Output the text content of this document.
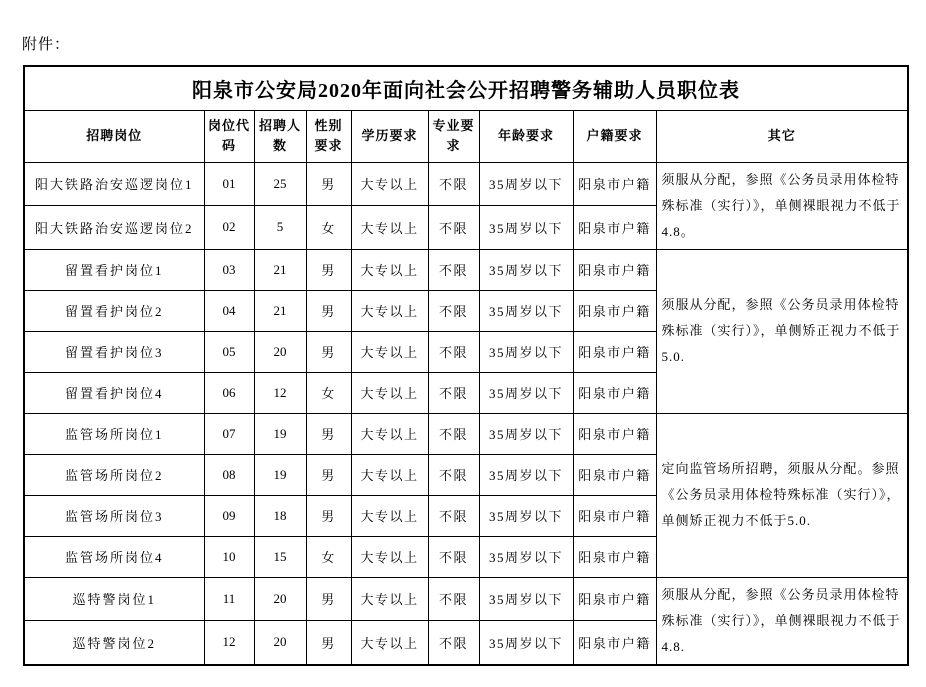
附件：
阳泉市公安局2020年面向社会公开招聘警务辅助人员职位表								
招聘岗位	岗位代码	招聘人数	性别要求	学历要求	专业要求	年龄要求	户籍要求	其它
阳大铁路治安巡逻岗位1	01	25	男	大专以上	不限	35周岁以下	阳泉市户籍	须服从分配，参照《公务员录用体检特殊标准（实行）》，单侧裸眼视力不低于4.8。
阳大铁路治安巡逻岗位2	02	5	女	大专以上	不限	35周岁以下	阳泉市户籍	
留置看护岗位1	03	21	男	大专以上	不限	35周岁以下	阳泉市户籍	须服从分配，参照《公务员录用体检特殊标准（实行）》，单侧矫正视力不低于5.0.
留置看护岗位2	04	21	男	大专以上	不限	35周岁以下	阳泉市户籍	
留置看护岗位3	05	20	男	大专以上	不限	35周岁以下	阳泉市户籍	
留置看护岗位4	06	12	女	大专以上	不限	35周岁以下	阳泉市户籍	
监管场所岗位1	07	19	男	大专以上	不限	35周岁以下	阳泉市户籍	定向监管场所招聘，须服从分配。参照《公务员录用体检特殊标准（实行）》，单侧矫正视力不低于5.0.
监管场所岗位2	08	19	男	大专以上	不限	35周岁以下	阳泉市户籍	
监管场所岗位3	09	18	男	大专以上	不限	35周岁以下	阳泉市户籍	
监管场所岗位4	10	15	女	大专以上	不限	35周岁以下	阳泉市户籍	
巡特警岗位1	11	20	男	大专以上	不限	35周岁以下	阳泉市户籍	须服从分配，参照《公务员录用体检特殊标准（实行）》，单侧裸眼视力不低于4.8.
巡特警岗位2	12	20	男	大专以上	不限	35周岁以下	阳泉市户籍	
